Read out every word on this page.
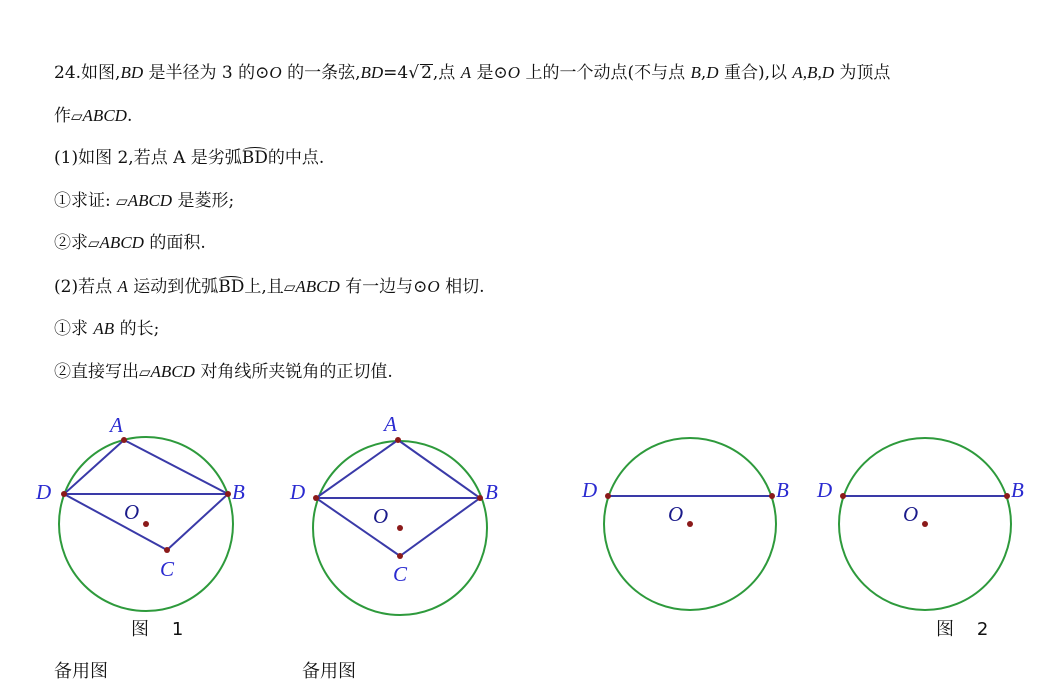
24.如图,BD 是半径为 3 的⊙O 的一条弦,BD=4√ 2,点 A 是⊙O 上的一个动点(不与点 B,D 重合),以 A,B,D 为顶点
作▱ABCD.
(1)如图 2,若点 A 是劣弧BD的中点.
①求证: ▱ABCD 是菱形;
②求▱ABCD 的面积.
(2)若点 A 运动到优弧BD上,且▱ABCD 有一边与⊙O 相切.
①求 AB 的长;
②直接写出▱ABCD 对角线所夹锐角的正切值.
A
B
C
D
O
A
B
C
D
O
B
D
O
B
D
O
图    1	图    2
备用图	备用图
